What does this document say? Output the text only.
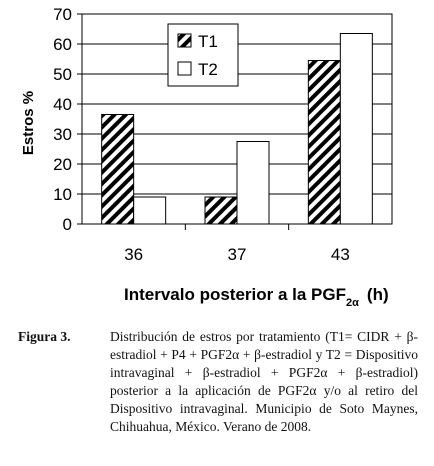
0
10
20
30
40
50
60
70
36	37	43
Estros %
Intervalo posterior a la $PGF_{2\alpha}$ (h)
T1
T2
Figura 3.	Distribución de estros por tratamiento (T1= CIDR + β-estradiol + P4 + PGF2α + β-estradiol y T2 = Dispositivo intravaginal + β-estradiol + PGF2α + β-estradiol) posterior a la aplicación de PGF2α y/o al retiro del Dispositivo intravaginal. Municipio de Soto Maynes, Chihuahua, México. Verano de 2008.
